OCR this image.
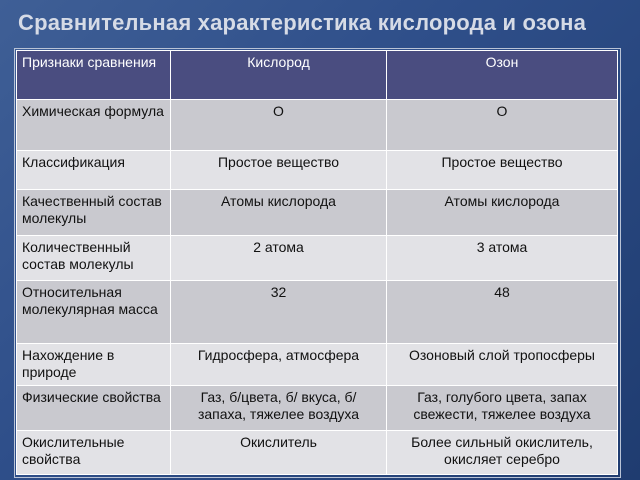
Сравнительная характеристика кислорода и озона
Признаки сравнения	Кислород	Озон
Химическая формула	O	O
Классификация	Простое вещество	Простое вещество
Качественный состав молекулы	Атомы кислорода	Атомы кислорода
Количественный состав молекулы	2 атома	3 атома
Относительная молекулярная масса	32	48
Нахождение в природе	Гидросфера, атмосфера	Озоновый слой тропосферы
Физические свойства	Газ, б/цвета, б/ вкуса, б/ запаха, тяжелее воздуха	Газ, голубого цвета, запах свежести, тяжелее воздуха
Окислительные свойства	Окислитель	Более сильный окислитель, окисляет серебро
